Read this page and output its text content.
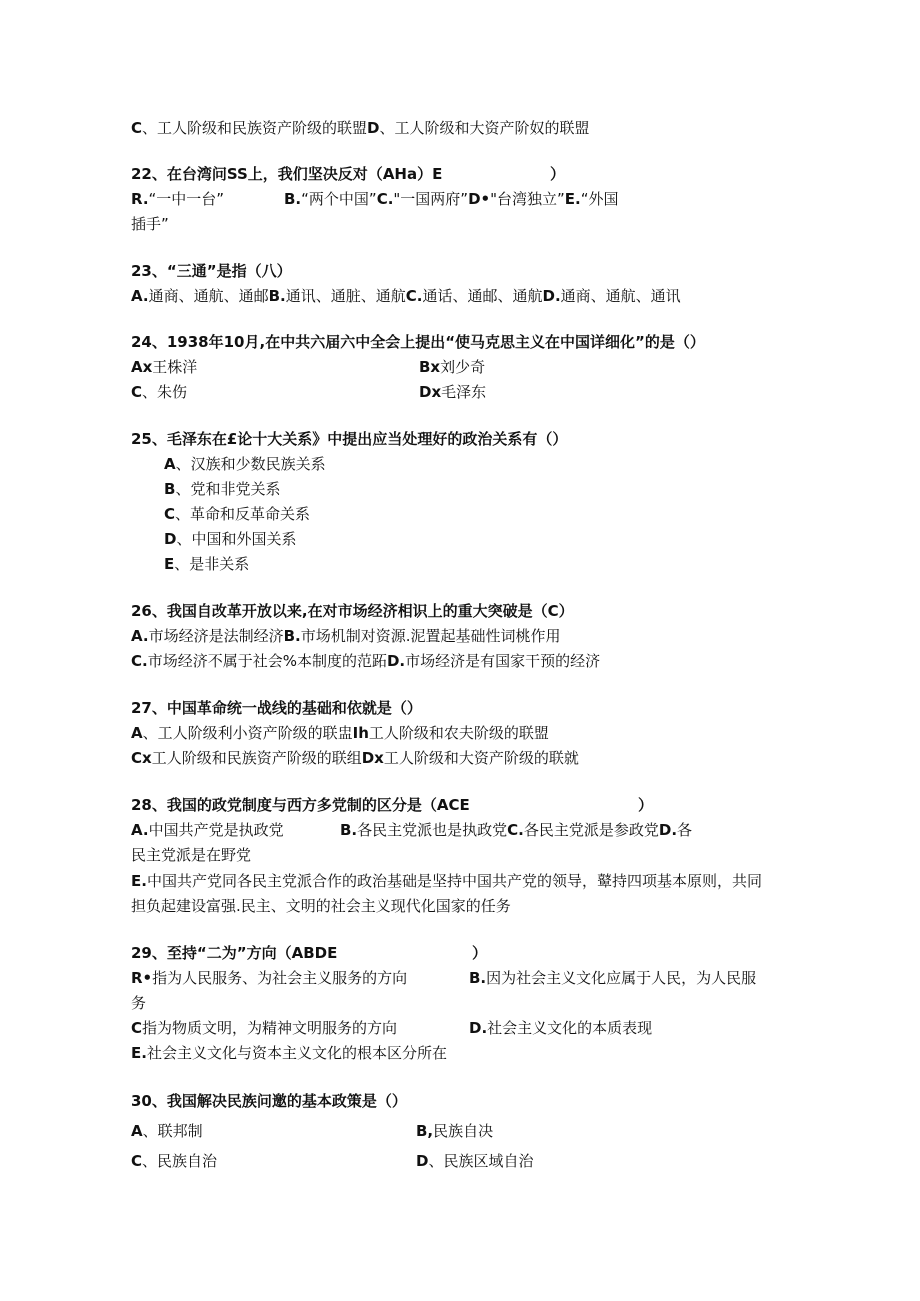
C、工人阶级和民族资产阶级的联盟D、工人阶级和大资产阶奴的联盟
22、在台湾问SS上，我们坚决反对（AHa）E	）
R.“一中一台”	B.“两个中国”C."一国两府”D•"台湾独立”E.“外国
插手”
23、“三通”是指（八）
A.通商、通航、通邮B.通讯、通脏、通航C.通话、通邮、通航D.通商、通航、通讯
24、1938年10月,在中共六届六中全会上提出“使马克思主义在中国详细化”的是（）
Ax王株洋	Bx刘少奇
C、朱伤	Dx毛泽东
25、毛泽东在£论十大关系》中提出应当处理好的政治关系有（）
A、汉族和少数民族关系
B、党和非党关系
C、革命和反革命关系
D、中国和外国关系
E、是非关系
26、我国自改革开放以来,在对市场经济相识上的重大突破是（C）
A.市场经济是法制经济B.市场机制对资源.泥置起基础性词桃作用
C.市场经济不属于社会%本制度的范跖D.市场经济是有国家干预的经济
27、中国革命统一战线的基础和依就是（）
A、工人阶级利小资产阶级的联盅Ih工人阶级和农夫阶级的联盟
Cx工人阶级和民族资产阶级的联组Dx工人阶级和大资产阶级的联就
28、我国的政党制度与西方多党制的区分是（ACE	）
A.中国共产党是执政党	B.各民主党派也是执政党C.各民主党派是参政党D.各
民主党派是在野党
E.中国共产党同各民主党派合作的政治基础是坚持中国共产党的领导，鼙持四项基本原则，共同
担负起建设富强.民主、文明的社会主义现代化国家的任务
29、至持“二为”方向（ABDE	）
R•指为人民服务、为社会主义服务的方向	B.因为社会主义文化应属于人民，为人民服
务
C指为物质文明，为精神文明服务的方向	D.社会主义文化的本质表现
E.社会主义文化与资本主义文化的根本区分所在
30、我国解决民族问邀的基本政策是（）
A、联邦制	B,民族自决
C、民族自治	D、民族区域自治
